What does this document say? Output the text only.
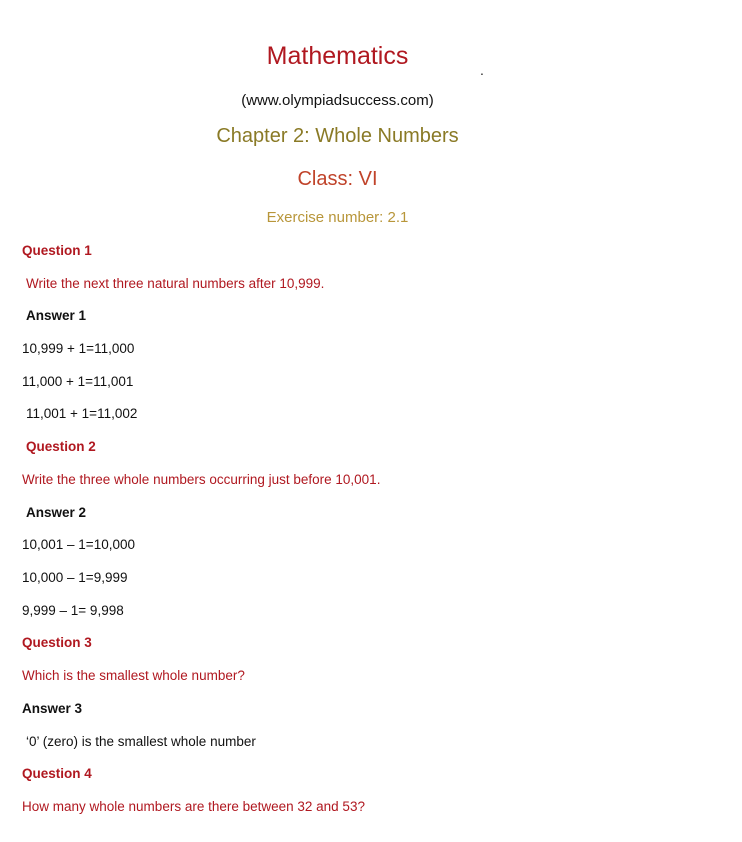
Mathematics	.
(www.olympiadsuccess.com)
Chapter 2: Whole Numbers
Class: VI
Exercise number: 2.1
Question 1
Write the next three natural numbers after 10,999.
Answer 1
10,999 + 1=11,000
11,000 + 1=11,001
11,001 + 1=11,002
Question 2
Write the three whole numbers occurring just before 10,001.
Answer 2
10,001 – 1=10,000
10,000 – 1=9,999
9,999 – 1= 9,998
Question 3
Which is the smallest whole number?
Answer 3
‘0’ (zero) is the smallest whole number
Question 4
How many whole numbers are there between 32 and 53?
